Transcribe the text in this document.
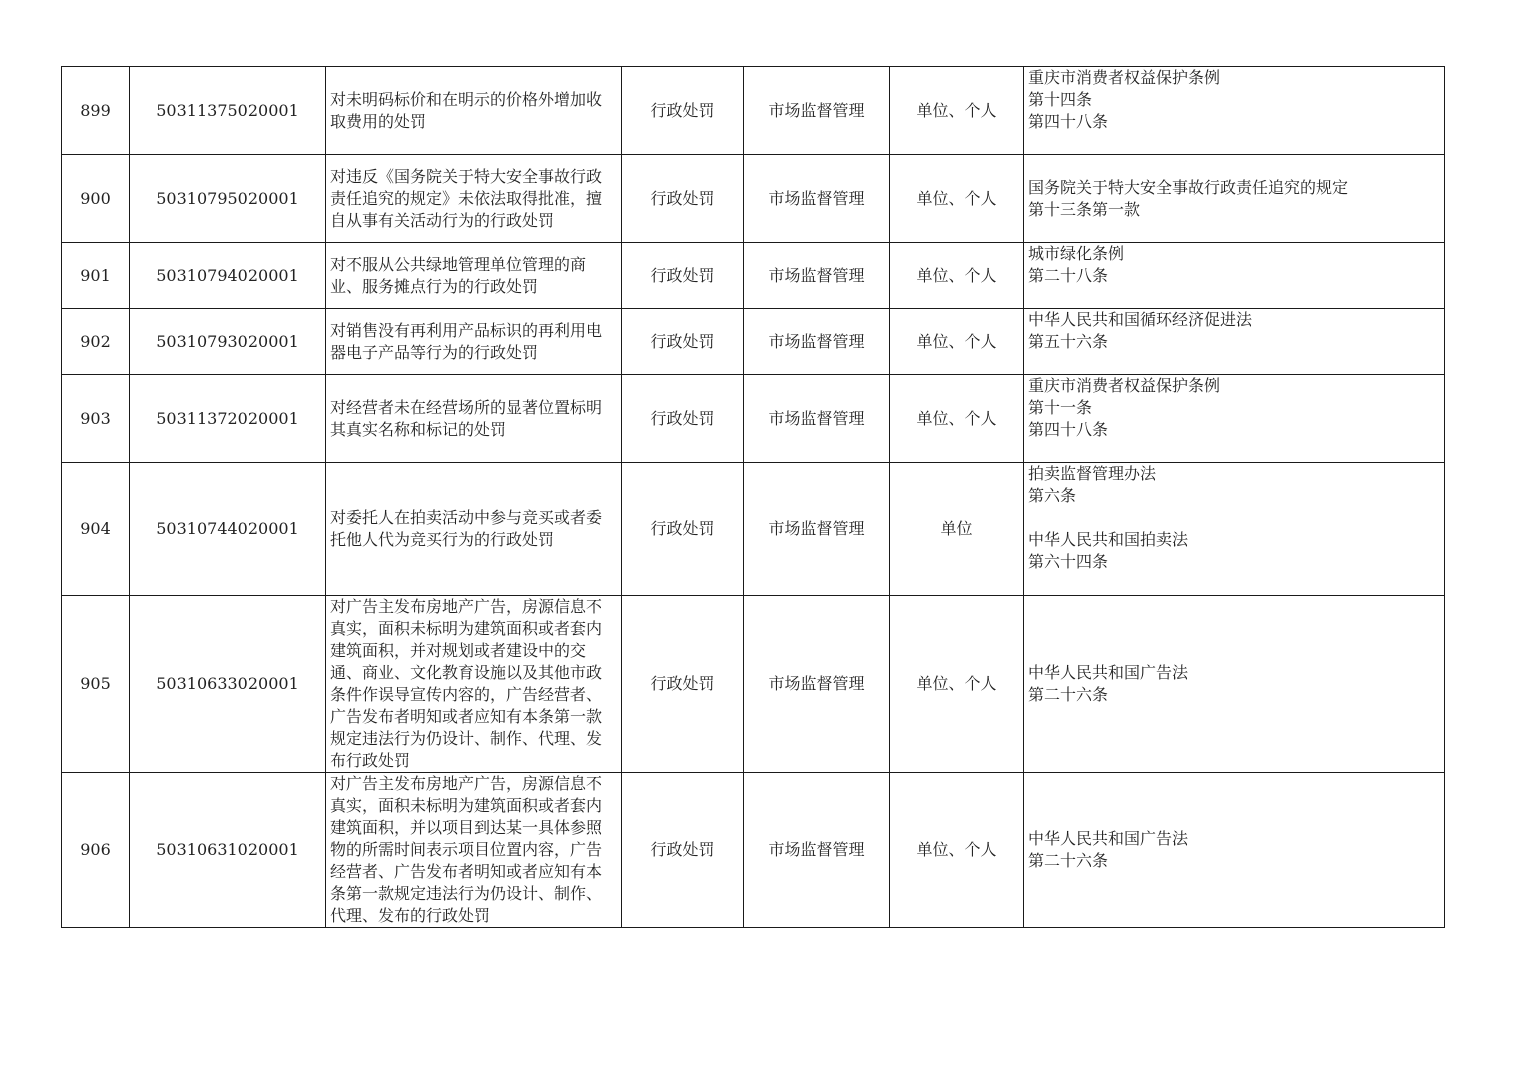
899	50311375020001	对未明码标价和在明示的价格外增加收取费用的处罚	行政处罚	市场监督管理	单位、个人	重庆市消费者权益保护条例
第十四条
第四十八条

900	50310795020001	对违反《国务院关于特大安全事故行政责任追究的规定》未依法取得批准，擅自从事有关活动行为的行政处罚	行政处罚	市场监督管理	单位、个人	国务院关于特大安全事故行政责任追究的规定
第十三条第一款

901	50310794020001	对不服从公共绿地管理单位管理的商业、服务摊点行为的行政处罚	行政处罚	市场监督管理	单位、个人	城市绿化条例
第二十八条

902	50310793020001	对销售没有再利用产品标识的再利用电器电子产品等行为的行政处罚	行政处罚	市场监督管理	单位、个人	中华人民共和国循环经济促进法
第五十六条

903	50311372020001	对经营者未在经营场所的显著位置标明其真实名称和标记的处罚	行政处罚	市场监督管理	单位、个人	重庆市消费者权益保护条例
第十一条
第四十八条

904	50310744020001	对委托人在拍卖活动中参与竞买或者委托他人代为竞买行为的行政处罚	行政处罚	市场监督管理	单位	拍卖监督管理办法
第六条
中华人民共和国拍卖法
第六十四条

905	50310633020001	对广告主发布房地产广告，房源信息不真实，面积未标明为建筑面积或者套内建筑面积，并对规划或者建设中的交通、商业、文化教育设施以及其他市政条件作误导宣传内容的，广告经营者、广告发布者明知或者应知有本条第一款规定违法行为仍设计、制作、代理、发布行政处罚	行政处罚	市场监督管理	单位、个人	中华人民共和国广告法
第二十六条

906	50310631020001	对广告主发布房地产广告，房源信息不真实，面积未标明为建筑面积或者套内建筑面积，并以项目到达某一具体参照物的所需时间表示项目位置内容，广告经营者、广告发布者明知或者应知有本条第一款规定违法行为仍设计、制作、代理、发布的行政处罚	行政处罚	市场监督管理	单位、个人	中华人民共和国广告法
第二十六条
